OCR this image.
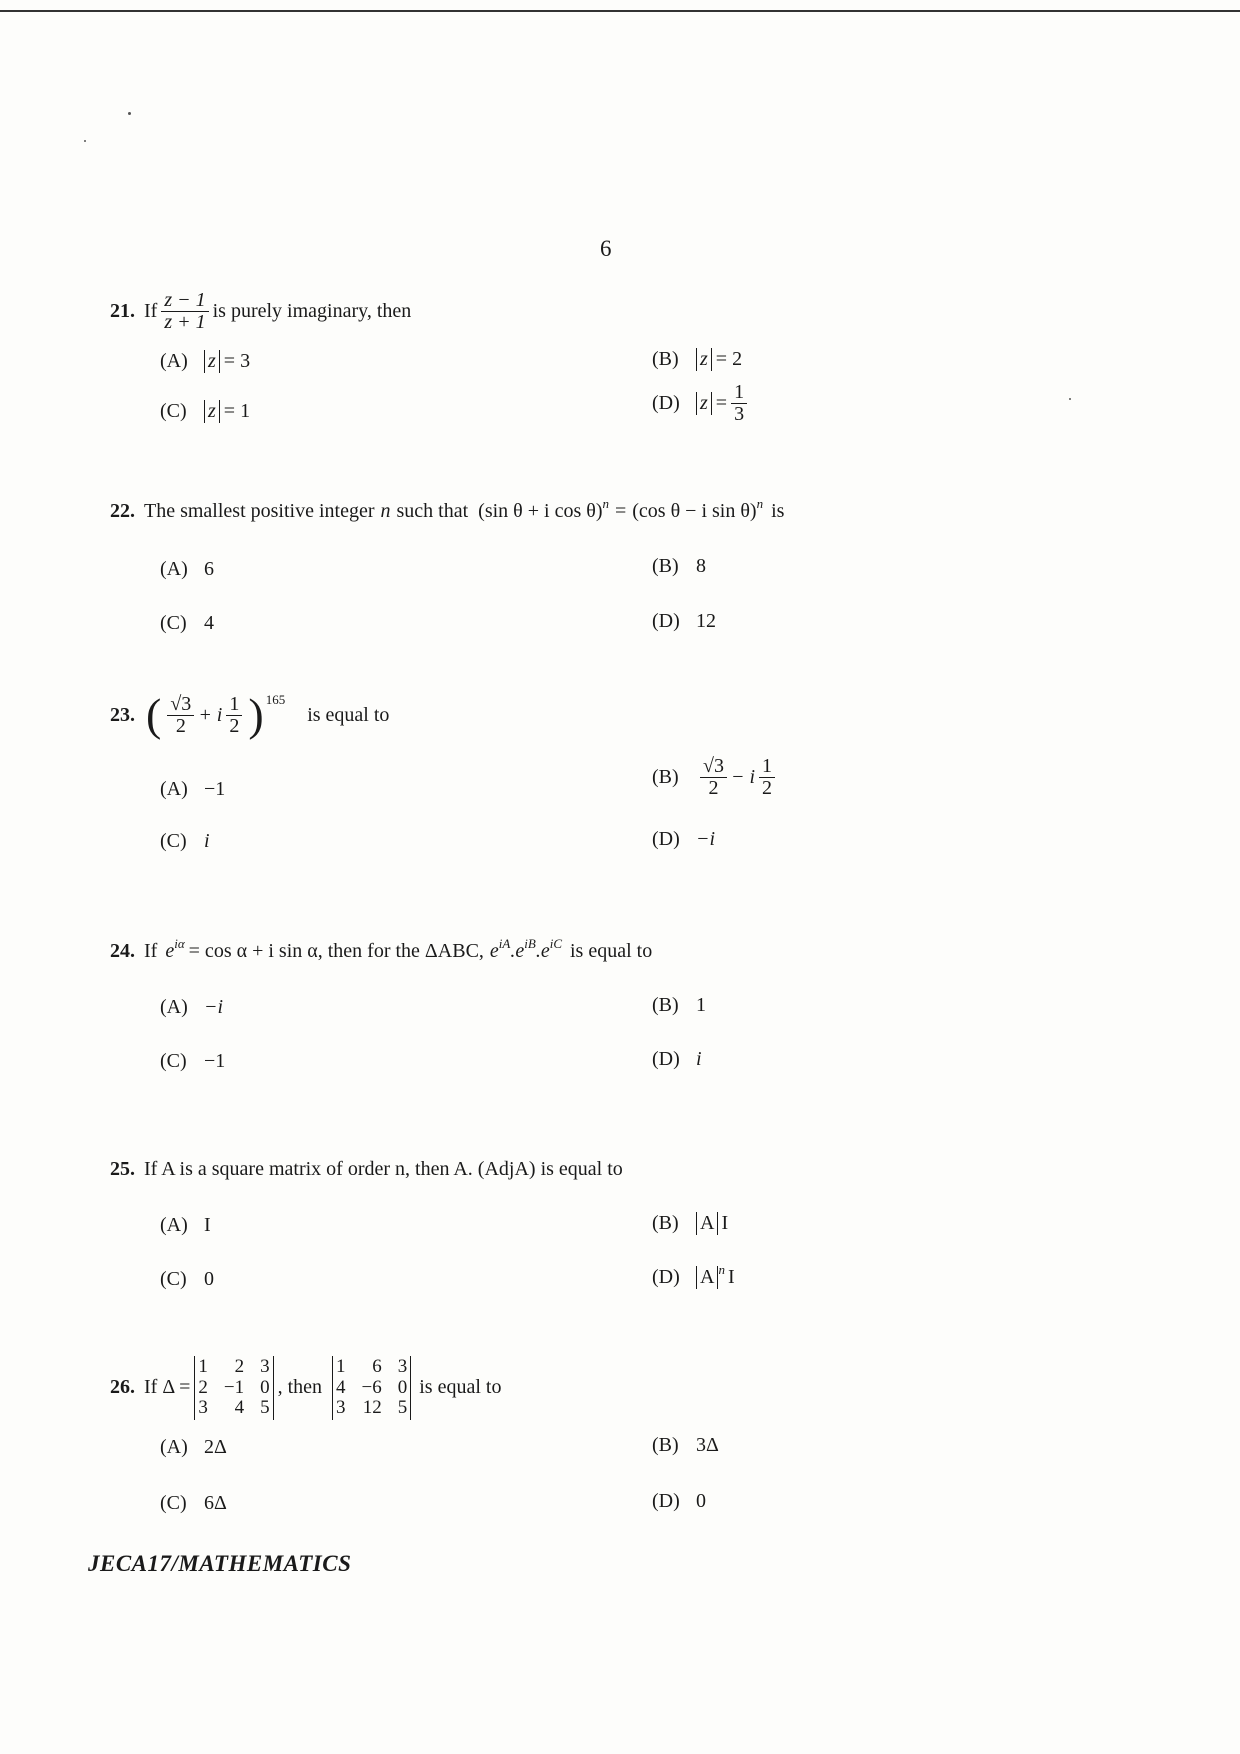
6
21. If $\frac{z - 1}{z + 1}$ is purely imaginary, then
(A)	z = 3	(B)	z = 2
(C)	z = 1	(D)	$z = \frac{1}{3}$
22. The smallest positive integer n such that (sin θ + i cos θ) n = (cos θ − i sin θ) n is
(A) 6	(B) 8
(C) 4	(D) 12
23. ( $\frac{√3}{2} + i \frac{1}{2}$ ) 165
is equal to
(A) −1
(B)	$\frac{√3}{2} - i \frac{1}{2}$
(C) i	(D) −i
24. If e iα = cos α + i sin α , then for the ΔABC, e iA .e iB .e iC is equal to
(A) −i	(B) 1
(C) −1	(D) i
25. If A is a square matrix of order n, then A. (AdjA) is equal to
(A) I	(B)	A I
(C) 0	(D)	A n I
26. If Δ =
1	2 3
2 −1 0
3	4 5
, then
1	6 3
4 −6 0
3 12 5
is equal to
(A) 2Δ	(B) 3Δ
(C) 6Δ	(D) 0
JECA17/MATHEMATICS
